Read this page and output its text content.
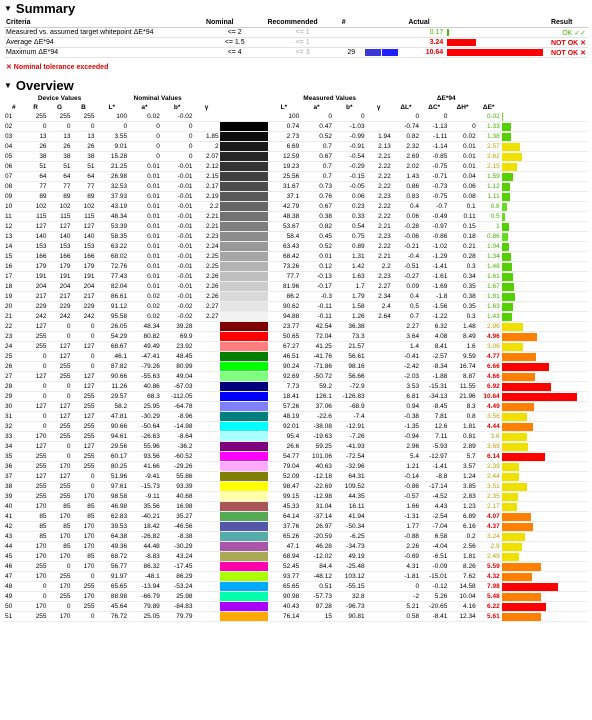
▼ Summary
Criteria	Nominal	Recommended	#		Actual		Result
Measured vs. assumed target whitepoint ΔE*94	<= 2	<= 1			0.17		OK ✓✓
Average ΔE*94	<= 1.5	<= 1			3.24		NOT OK ✕
Maximum ΔE*94	<= 4	<= 3	29		10.64		NOT OK ✕
✕ Nominal tolerance exceeded
▼ Overview
	Device Values			Nominal Values					Measured Values				ΔE*94				
#	R	G	B	L*	a*	b*	γ		L*	a*	b*	γ	ΔL*	ΔC*	ΔH*	ΔE*	
01	255	255	255	100	0.02	-0.02			100	0	0		0	0		0.02	

02	0	0	0	0	0	0			0.74	0.47	-1.03		-0.74	-1.13	0	1.33	

03	13	13	13	3.55	0	0	1.85		2.73	0.52	-0.99	1.94	0.82	-1.11	0.02	1.38	

04	26	26	26	9.01	0	0	2		6.69	0.7	-0.91	2.13	2.32	-1.14	0.01	2.57	

05	38	38	38	15.28	0	0	2.07		12.59	0.67	-0.54	2.21	2.69	-0.85	0.01	2.82	

06	51	51	51	21.25	0.01	-0.01	2.12		19.23	0.7	-0.29	2.22	2.02	-0.75	0.01	2.15	

07	64	64	64	26.98	0.01	-0.01	2.15		25.56	0.7	-0.15	2.22	1.43	-0.71	0.04	1.59	

08	77	77	77	32.53	0.01	-0.01	2.17		31.67	0.73	-0.05	2.22	0.86	-0.73	0.06	1.12	

09	89	89	89	37.93	0.01	-0.01	2.19		37.1	0.76	0.06	2.23	0.83	-0.75	0.08	1.11	

10	102	102	102	43.19	0.01	-0.01	2.2		42.79	0.67	0.23	2.22	0.4	-0.7	0.1	0.8	

11	115	115	115	48.34	0.01	-0.01	2.21		48.38	0.38	0.33	2.22	0.06	-0.49	0.11	0.5	

12	127	127	127	53.39	0.01	-0.01	2.21		53.67	0.82	0.54	2.21	-0.28	-0.97	0.15	1	

13	140	140	140	58.35	0.01	-0.01	2.23		58.4	0.45	0.75	2.23	-0.06	-0.86	0.18	0.86	

14	153	153	153	63.22	0.01	-0.01	2.24		63.43	0.52	0.89	2.22	-0.21	-1.02	0.21	1.04	

15	166	166	166	68.02	0.01	-0.01	2.25		68.42	0.01	1.31	2.21	-0.4	-1.29	0.28	1.34	

16	179	179	179	72.76	0.01	-0.01	2.25		73.26	0.12	1.42	2.2	-0.51	-1.41	0.3	1.48	

17	191	191	191	77.43	0.01	-0.01	2.26		77.7	-0.13	1.63	2.23	-0.27	-1.61	0.34	1.61	

18	204	204	204	82.04	0.01	-0.01	2.26		81.96	-0.17	1.7	2.27	0.09	-1.69	0.35	1.67	

19	217	217	217	86.61	0.02	-0.01	2.26		86.2	-0.3	1.79	2.34	0.4	-1.8	0.38	1.81	

20	229	229	229	91.12	0.02	-0.02	2.27		90.62	-0.11	1.58	2.4	0.5	-1.56	0.35	1.63	

21	242	242	242	95.58	0.02	-0.02	2.27		94.88	-0.11	1.26	2.64	0.7	-1.22	0.3	1.43	

22	127	0	0	26.05	48.34	39.28			23.77	42.54	36.38		2.27	6.32	1.48	2.96	

23	255	0	0	54.29	80.82	69.9			50.65	72.04	73.3		3.64	4.08	8.49	4.96	

24	255	127	127	68.67	49.49	23.92			67.27	41.25	21.57		1.4	8.41	1.6	3.06	

25	0	127	0	46.1	-47.41	48.45			46.51	-41.76	56.61		-0.41	-2.57	9.59	4.77	

26	0	255	0	87.82	-79.26	80.99			90.24	-71.86	98.16		-2.42	-8.34	16.74	6.66	

27	127	255	127	90.66	-55.63	49.04			92.69	-50.72	56.66		-2.03	-1.88	8.87	4.66	

28	0	0	127	11.26	40.86	-67.03			7.73	59.2	-72.9		3.53	-15.31	11.55	6.92	

29	0	0	255	29.57	68.3	-112.05			18.41	126.1	-126.83		6.81	-34.13	21.96	10.64	

30	127	127	255	58.2	25.95	-64.78			57.26	37.06	-68.9		0.94	-8.45	8.3	4.49	

31	0	127	127	47.81	-30.29	-8.96			48.19	-22.6	-7.4		-0.38	7.81	0.8	3.56	

32	0	255	255	90.66	-50.64	-14.98			92.01	-38.08	-12.91		-1.35	12.6	1.81	4.44	

33	170	255	255	94.61	-26.63	-8.64			95.4	-19.63	-7.26		-0.94	7.11	0.81	3.6	

34	127	0	127	29.56	55.96	-36.2			26.6	59.25	-41.93		2.96	-5.93	2.89	3.69	

35	255	0	255	60.17	93.56	-60.52			54.77	101.06	-72.54		5.4	-12.97	5.7	6.14	

36	255	170	255	80.25	41.66	-29.26			79.04	40.63	-32.96		1.21	-1.41	3.57	2.39	

37	127	127	0	51.96	-9.41	55.86			52.09	-12.18	64.31		-0.14	-8.8	1.24	2.44	

38	255	255	0	97.61	-15.73	93.39			98.47	-22.69	109.52		-0.86	-17.14	3.85	3.51	

39	255	255	170	98.58	-9.11	40.68			99.15	-12.98	44.35		-0.57	-4.52	2.83	2.35	

40	170	85	85	46.98	35.56	16.98			45.33	31.04	16.11		1.66	4.43	1.23	2.17	

41	85	170	85	62.83	-40.21	35.27			64.14	-37.14	41.94		-1.31	-2.54	6.89	4.07	

42	85	85	170	39.53	18.42	-46.56			37.76	26.97	-50.34		1.77	-7.04	6.16	4.37	

43	85	170	170	64.38	-26.82	-8.38			65.26	-20.59	-6.25		-0.88	6.58	0.2	3.24	

44	170	85	170	49.36	44.48	-30.29			47.1	46.28	-34.73		2.26	-4.04	2.56	2.9	

45	170	170	85	68.72	-8.83	43.24			68.94	-12.02	49.19		-0.69	-6.51	1.81	2.49	

46	255	0	170	56.77	86.32	-17.45			52.45	84.4	-25.48		4.31	-0.09	8.26	5.59	

47	170	255	0	91.97	-48.1	86.29			93.77	-48.12	103.12		-1.81	-15.01	7.62	4.32	

48	0	170	255	65.65	-13.94	-53.24			65.65	0.51	-55.15		0	-0.12	14.58	7.98	

49	0	255	170	88.98	-66.79	25.98			90.98	-57.73	32.8		-2	5.26	10.04	5.48	

50	170	0	255	45.64	79.89	-84.83			40.43	97.28	-96.73		5.21	-20.65	4.16	6.22	

51	255	170	0	76.72	25.05	79.79			76.14	15	90.81		0.58	-8.41	12.34	5.61	
